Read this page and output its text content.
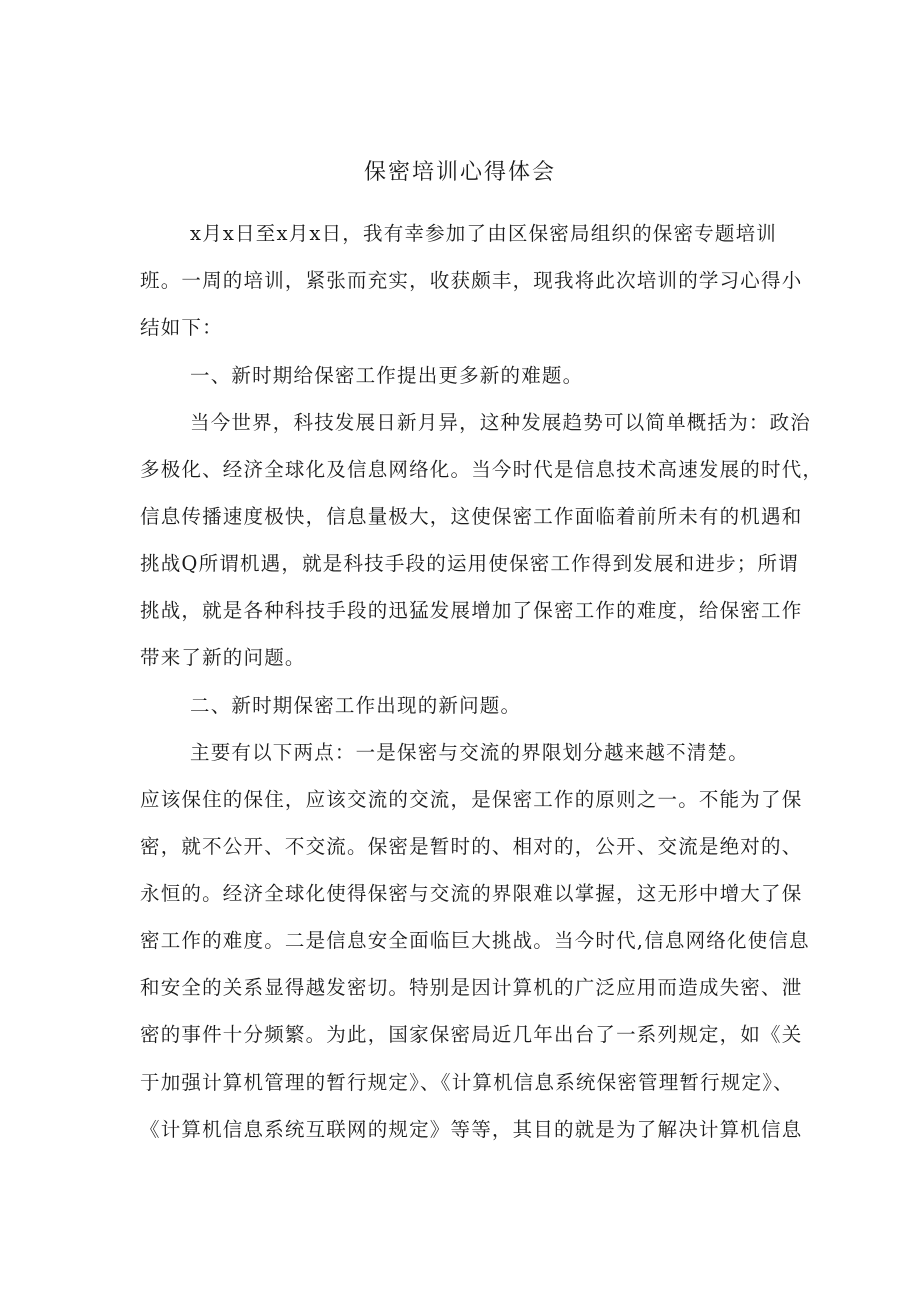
保密培训心得体会
x月x日至x月x日，我有幸参加了由区保密局组织的保密专题培训
班。一周的培训，紧张而充实，收获颇丰，现我将此次培训的学习心得小
结如下：
一、新时期给保密工作提出更多新的难题。
当今世界，科技发展日新月异，这种发展趋势可以简单概括为：政治
多极化、经济全球化及信息网络化。当今时代是信息技术高速发展的时代，
信息传播速度极快，信息量极大，这使保密工作面临着前所未有的机遇和
挑战Q所谓机遇，就是科技手段的运用使保密工作得到发展和进步；所谓
挑战，就是各种科技手段的迅猛发展增加了保密工作的难度，给保密工作
带来了新的问题。
二、新时期保密工作出现的新问题。
主要有以下两点：一是保密与交流的界限划分越来越不清楚。
应该保住的保住，应该交流的交流，是保密工作的原则之一。不能为了保
密，就不公开、不交流。保密是暂时的、相对的，公开、交流是绝对的、
永恒的。经济全球化使得保密与交流的界限难以掌握，这无形中增大了保
密工作的难度。二是信息安全面临巨大挑战。当今时代,信息网络化使信息
和安全的关系显得越发密切。特别是因计算机的广泛应用而造成失密、泄
密的事件十分频繁。为此，国家保密局近几年出台了一系列规定，如《关
于加强计算机管理的暂行规定》、《计算机信息系统保密管理暂行规定》、
《计算机信息系统互联网的规定》等等，其目的就是为了解决计算机信息
